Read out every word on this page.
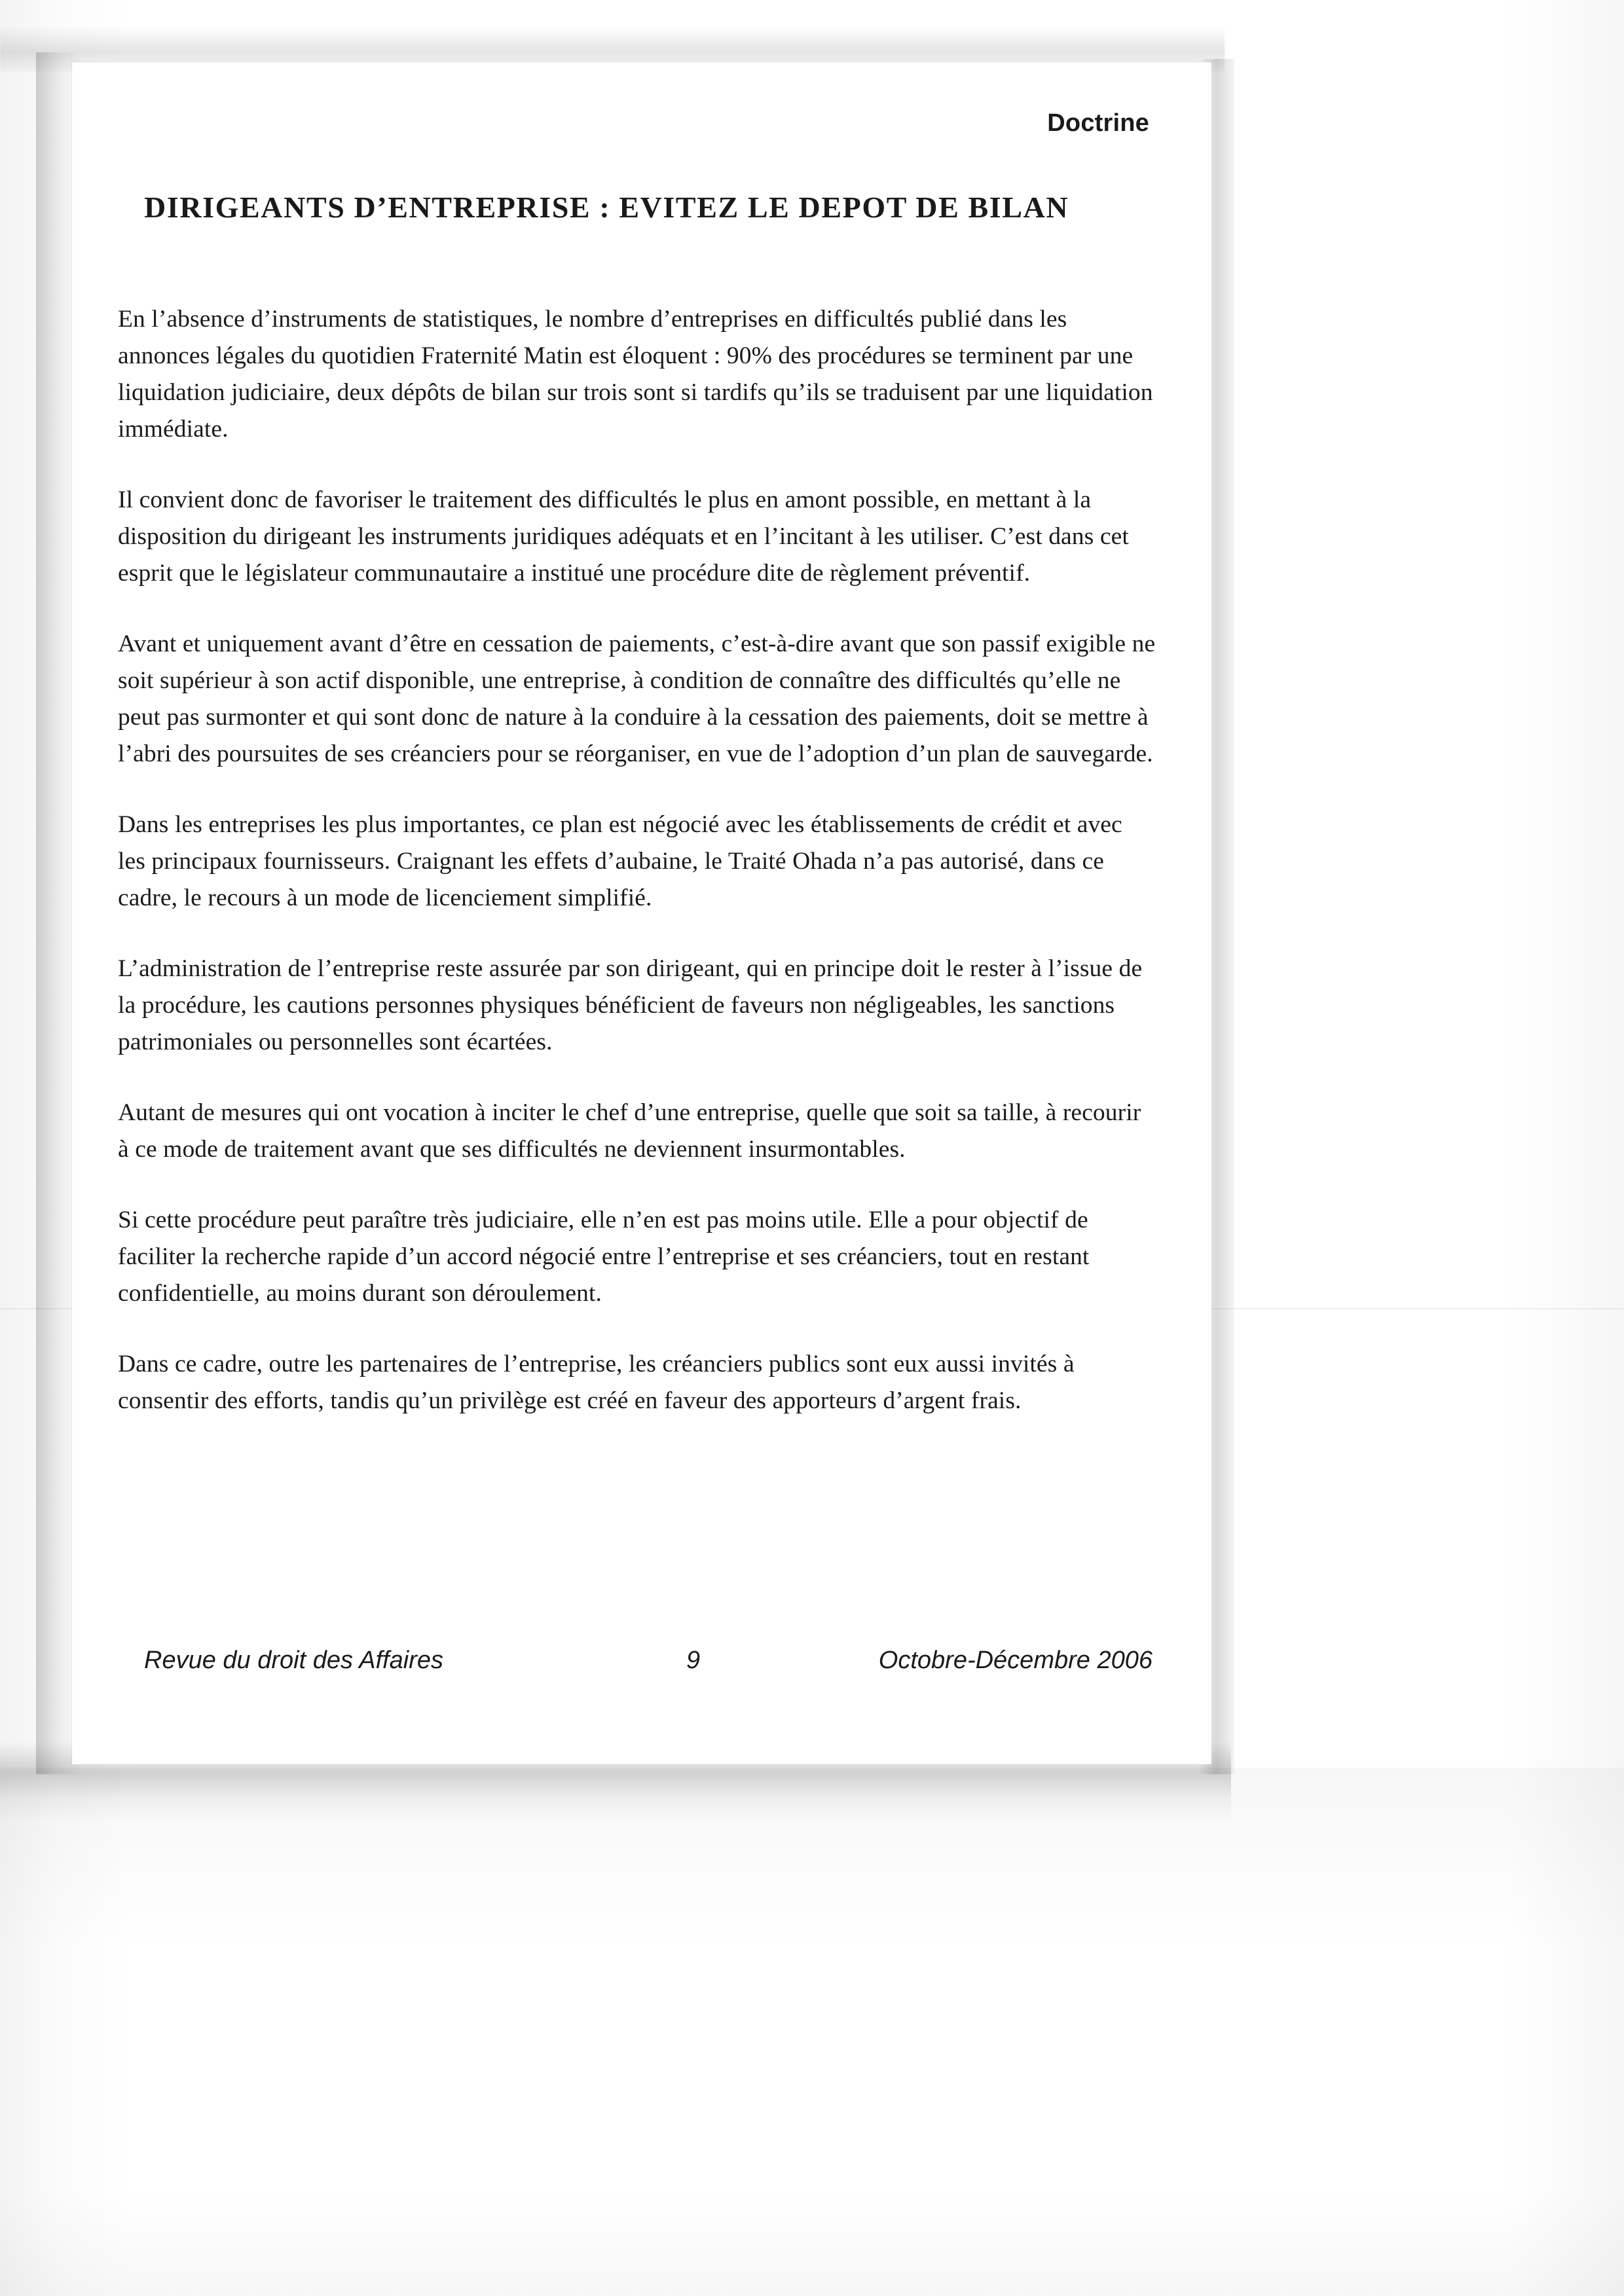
Doctrine
DIRIGEANTS D’ENTREPRISE : EVITEZ LE DEPOT DE BILAN

En l’absence d’instruments de statistiques, le nombre d’entreprises en difficultés publié dans les annonces légales du quotidien Fraternité Matin est éloquent : 90% des procédures se terminent par une liquidation judiciaire, deux dépôts de bilan sur trois sont si tardifs qu’ils se traduisent par une liquidation immédiate.

Il convient donc de favoriser le traitement des difficultés le plus en amont possible, en mettant à la disposition du dirigeant les instruments juridiques adéquats et en l’incitant à les utiliser. C’est dans cet esprit que le législateur communautaire a institué une procédure dite de règlement préventif.

Avant et uniquement avant d’être en cessation de paiements, c’est-à-dire avant que son passif exigible ne soit supérieur à son actif disponible, une entreprise, à condition de connaître des difficultés qu’elle ne peut pas surmonter et qui sont donc de nature à la conduire à la cessation des paiements, doit se mettre à l’abri des poursuites de ses créanciers pour se réorganiser, en vue de l’adoption d’un plan de sauvegarde.

Dans les entreprises les plus importantes, ce plan est négocié avec les établissements de crédit et avec les principaux fournisseurs. Craignant les effets d’aubaine, le Traité Ohada n’a pas autorisé, dans ce cadre, le recours à un mode de licenciement simplifié.

L’administration de l’entreprise reste assurée par son dirigeant, qui en principe doit le rester à l’issue de la procédure, les cautions personnes physiques bénéficient de faveurs non négligeables, les sanctions patrimoniales ou personnelles sont écartées.

Autant de mesures qui ont vocation à inciter le chef d’une entreprise, quelle que soit sa taille, à recourir à ce mode de traitement avant que ses difficultés ne deviennent insurmontables.

Si cette procédure peut paraître très judiciaire, elle n’en est pas moins utile. Elle a pour objectif de faciliter la recherche rapide d’un accord négocié entre l’entreprise et ses créanciers, tout en restant confidentielle, au moins durant son déroulement.

Dans ce cadre, outre les partenaires de l’entreprise, les créanciers publics sont eux aussi invités à consentir des efforts, tandis qu’un privilège est créé en faveur des apporteurs d’argent frais.

Revue du droit des Affaires	9	Octobre-Décembre 2006
